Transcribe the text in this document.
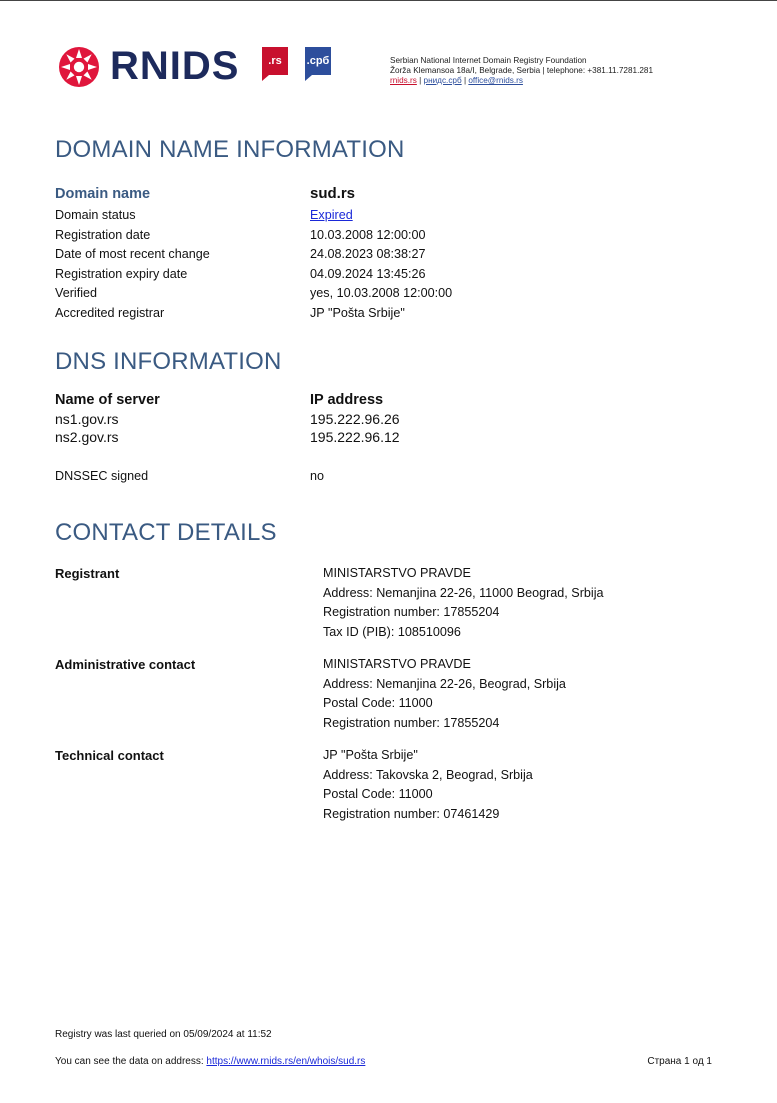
RNIDS	.rs	.срб	Serbian National Internet Domain Registry Foundation
Žorža Klemansoa 18a/I, Belgrade, Serbia | telephone: +381.11.7281.281
rnids.rs | рнидс.срб | office@rnids.rs
DOMAIN NAME INFORMATION
Domain name	sud.rs
Domain status	Expired
Registration date	10.03.2008 12:00:00
Date of most recent change	24.08.2023 08:38:27
Registration expiry date	04.09.2024 13:45:26
Verified	yes, 10.03.2008 12:00:00
Accredited registrar	JP "Pošta Srbije"
DNS INFORMATION
Name of server	IP address
ns1.gov.rs	195.222.96.26
ns2.gov.rs	195.222.96.12
DNSSEC signed	no
CONTACT DETAILS
Registrant	MINISTARSTVO PRAVDE
Address: Nemanjina 22-26, 11000 Beograd, Srbija
Registration number: 17855204
Tax ID (PIB): 108510096
Administrative contact	MINISTARSTVO PRAVDE
Address: Nemanjina 22-26, Beograd, Srbija
Postal Code: 11000
Registration number: 17855204
Technical contact	JP "Pošta Srbije"
Address: Takovska 2, Beograd, Srbija
Postal Code: 11000
Registration number: 07461429
Registry was last queried on 05/09/2024 at 11:52
You can see the data on address: https://www.rnids.rs/en/whois/sud.rs	Страна 1 од 1
